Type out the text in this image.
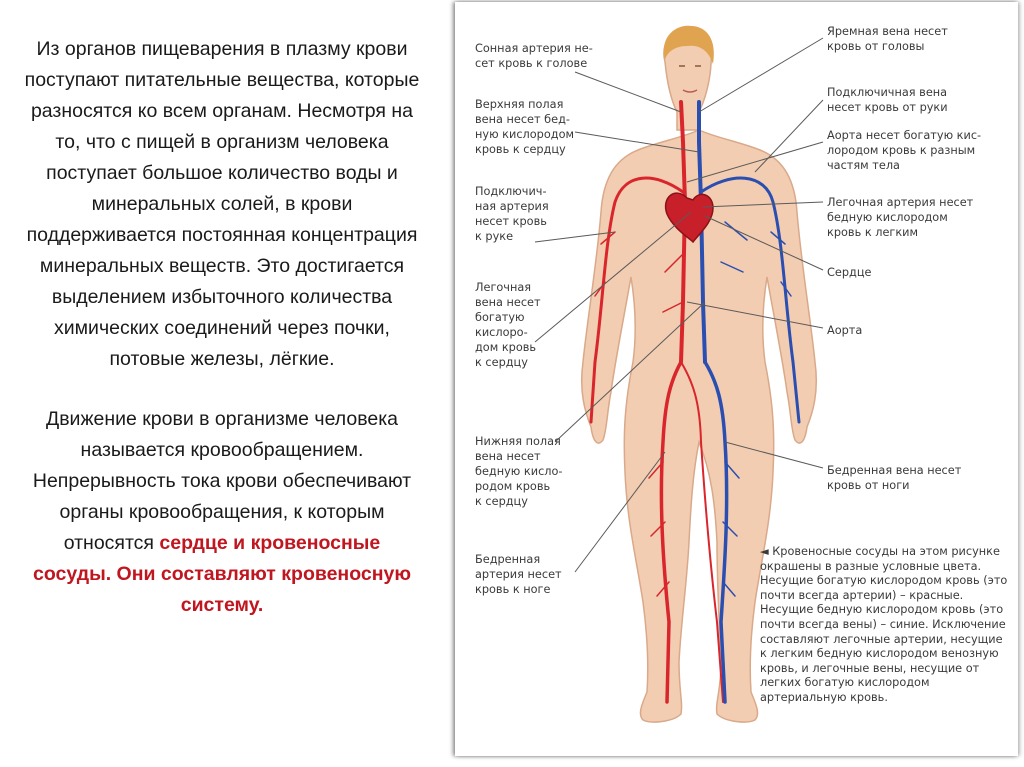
Из органов пищеварения в плазму крови поступают питательные вещества, которые разносятся ко всем органам. Несмотря на то, что с пищей в организм человека поступает большое количество воды и минеральных солей, в крови поддерживается постоянная концентрация минеральных веществ. Это достигается выделением избыточного количества химических соединений через почки, потовые железы, лёгкие.

Движение крови в организме человека называется кровообращением. Непрерывность тока крови обеспечивают органы кровообращения, к которым относятся сердце и кровеносные сосуды. Они составляют кровеносную систему.

Сонная артерия не-сет кровь к голове
Верхняя полая вена несет бед-ную кислородом кровь к сердцу
Подключич-ная артерия несет кровь к руке
Легочная вена несет богатую кислоро-дом кровь к сердцу
Нижняя полая вена несет бедную кисло-родом кровь к сердцу
Бедренная артерия несет кровь к ноге
Яремная вена несет кровь от головы
Подключичная вена несет кровь от руки
Аорта несет богатую кис-лородом кровь к разным частям тела
Легочная артерия несет бедную кислородом кровь к легким
Сердце
Аорта
Бедренная вена несет кровь от ноги
◄ Кровеносные сосуды на этом рисунке окрашены в разные условные цвета. Несущие богатую кислородом кровь (это почти всегда артерии) – красные. Несущие бедную кислородом кровь (это почти всегда вены) – синие. Исключение составляют легочные артерии, несущие к легким бедную кислородом венозную кровь, и легочные вены, несущие от легких богатую кислородом артериальную кровь.
